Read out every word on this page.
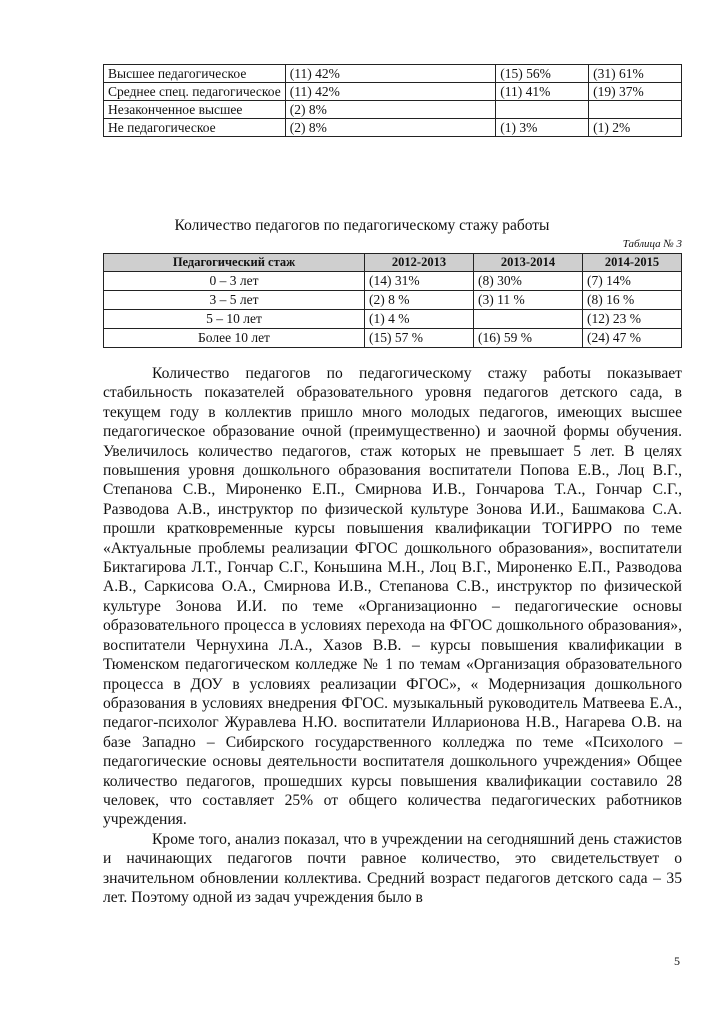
Высшее педагогическое	(11) 42%	(15) 56%	(31) 61%
Среднее спец. педагогическое	(11) 42%	(11) 41%	(19) 37%
Незаконченное высшее	(2) 8%		
Не педагогическое	(2) 8%	(1) 3%	(1) 2%
Количество педагогов по педагогическому стажу работы
Таблица № 3
Педагогический стаж	2012-2013	2013-2014	2014-2015
0 – 3 лет	(14) 31%	(8) 30%	(7) 14%
3 – 5 лет	(2) 8 %	(3) 11 %	(8) 16 %
5 – 10 лет	(1) 4 %		(12) 23 %
Более 10 лет	(15) 57 %	(16) 59 %	(24) 47 %

Количество педагогов по педагогическому стажу работы показывает стабильность показателей образовательного уровня педагогов детского сада, в текущем году в коллектив пришло много молодых педагогов, имеющих высшее педагогическое образование очной (преимущественно) и заочной формы обучения. Увеличилось количество педагогов, стаж которых не превышает 5 лет. В целях повышения уровня дошкольного образования воспитатели Попова Е.В., Лоц В.Г., Степанова С.В., Мироненко Е.П., Смирнова И.В., Гончарова Т.А., Гончар С.Г., Разводова А.В., инструктор по физической культуре Зонова И.И., Башмакова С.А. прошли кратковременные курсы повышения квалификации ТОГИРРО по теме «Актуальные проблемы реализации ФГОС дошкольного образования», воспитатели Биктагирова Л.Т., Гончар С.Г., Коньшина М.Н., Лоц В.Г., Мироненко Е.П., Разводова А.В., Саркисова О.А., Смирнова И.В., Степанова С.В., инструктор по физической культуре Зонова И.И. по теме «Организационно – педагогические основы образовательного процесса в условиях перехода на ФГОС дошкольного образования», воспитатели Чернухина Л.А., Хазов В.В. – курсы повышения квалификации в Тюменском педагогическом колледже № 1 по темам «Организация образовательного процесса в ДОУ в условиях реализации ФГОС», « Модернизация дошкольного образования в условиях внедрения ФГОС. музыкальный руководитель Матвеева Е.А., педагог-психолог Журавлева Н.Ю. воспитатели Илларионова Н.В., Нагарева О.В. на базе Западно – Сибирского государственного колледжа по теме «Психолого – педагогические основы деятельности воспитателя дошкольного учреждения» Общее количество педагогов, прошедших курсы повышения квалификации составило 28 человек, что составляет 25% от общего количества педагогических работников учреждения.

Кроме того, анализ показал, что в учреждении на сегодняшний день стажистов и начинающих педагогов почти равное количество, это свидетельствует о значительном обновлении коллектива. Средний возраст педагогов детского сада – 35 лет. Поэтому одной из задач учреждения было в

5
